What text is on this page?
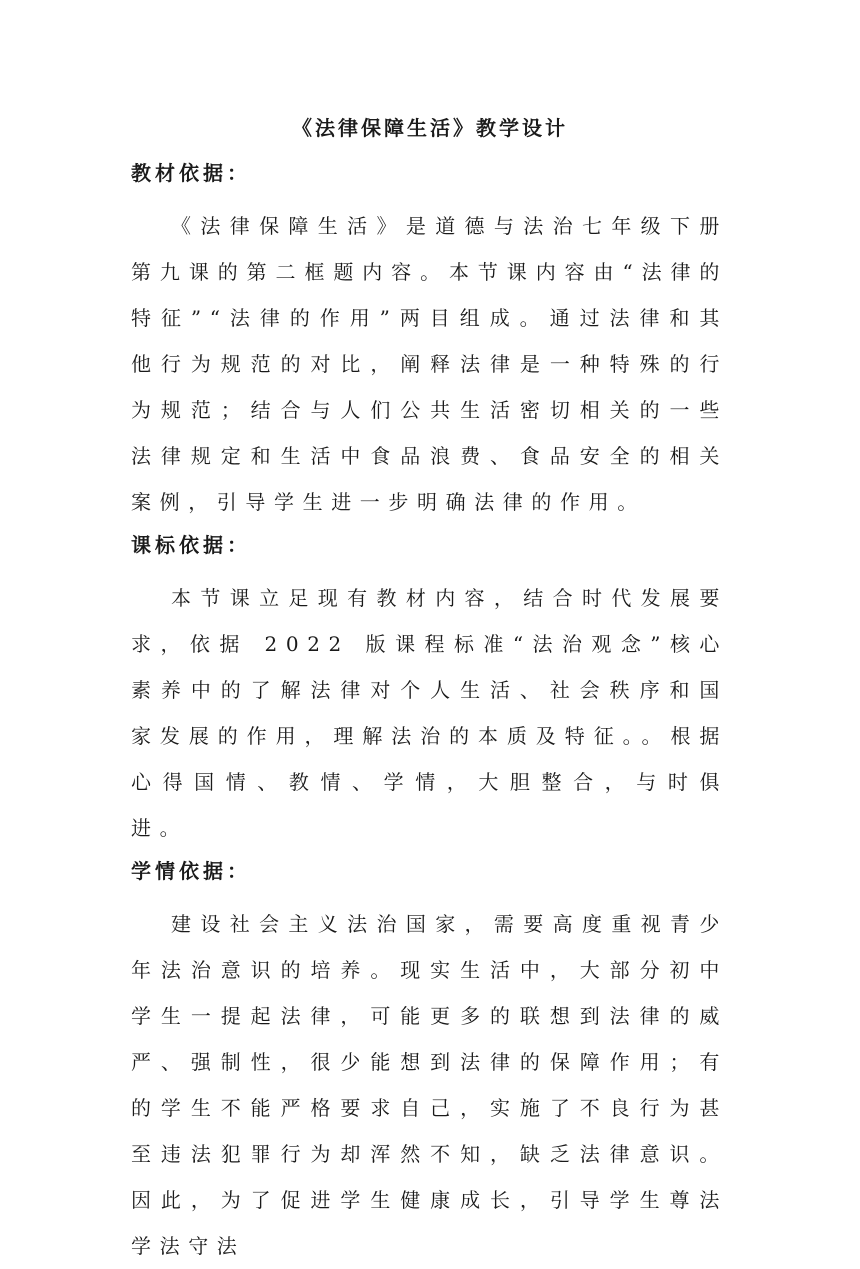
《法律保障生活》教学设计
教材依据：

《法律保障生活》是道德与法治七年级下册第九课的第二框题内容。本节课内容由“法律的特征”“法律的作用”两目组成。通过法律和其他行为规范的对比，阐释法律是一种特殊的行为规范；结合与人们公共生活密切相关的一些法律规定和生活中食品浪费、食品安全的相关案例，引导学生进一步明确法律的作用。

课标依据：

本节课立足现有教材内容，结合时代发展要求，依据 2022 版课程标准“法治观念”核心素养中的了解法律对个人生活、社会秩序和国家发展的作用，理解法治的本质及特征。。根据心得国情、教情、学情，大胆整合，与时俱进。

学情依据：

建设社会主义法治国家，需要高度重视青少年法治意识的培养。现实生活中，大部分初中学生一提起法律，可能更多的联想到法律的威严、强制性，很少能想到法律的保障作用；有的学生不能严格要求自己，实施了不良行为甚至违法犯罪行为却浑然不知，缺乏法律意识。因此，为了促进学生健康成长，引导学生尊法学法守法
